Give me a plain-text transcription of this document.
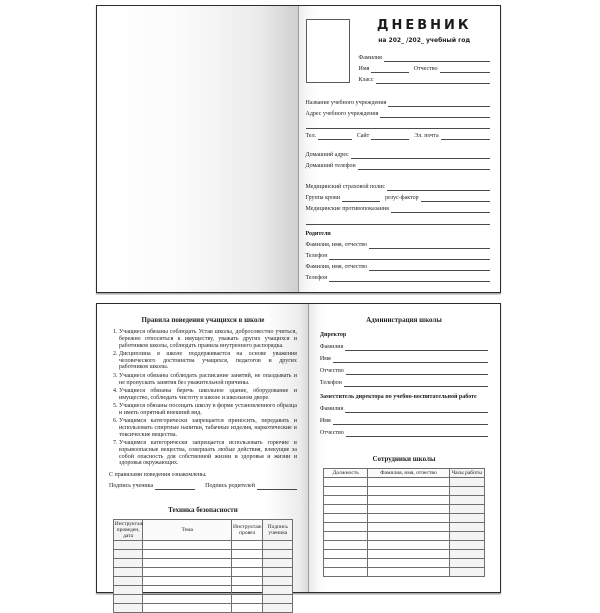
ДНЕВНИК
на 202_ /202_ учебный год
Фамилия
Имя	Отчество
Класс
Название учебного учреждения
Адрес учебного учреждения
Тел.	Сайт	Эл. почта
Домашний адрес
Домашний телефон
Медицинский страховой полис
Группа крови	резус-фактор
Медицинские противопоказания
Родители
Фамилия, имя, отчество
Телефон
Фамилия, имя, отчество
Телефон
Правила поведения учащихся в школе
1. Учащиеся обязаны соблюдать Устав школы, добросовестно учиться, бережно относиться к имуществу, уважать других учащихся и работников школы, соблюдать правила внутреннего распорядка.
2. Дисциплина в школе поддерживается на основе уважения человеческого достоинства учащихся, педагогов и других работников школы.
3. Учащиеся обязаны соблюдать расписание занятий, не опаздывать и не пропускать занятия без уважительной причины.
4. Учащиеся обязаны беречь школьное здание, оборудование и имущество, соблюдать чистоту в школе и школьном дворе.
5. Учащиеся обязаны посещать школу в форме установленного образца и иметь опрятный внешний вид.
6. Учащимся категорически запрещается приносить, передавать и использовать спиртные напитки, табачные изделия, наркотические и токсические вещества.
7. Учащимся категорически запрещается использовать горючие и взрывоопасные вещества, совершать любые действия, влекущие за собой опасность для собственной жизни и здоровья и жизни и здоровья окружающих.
С правилами поведения ознакомлены.
Подпись ученика	Подпись родителей
Техника безопасности
Инструктаж проведен, дата	Тема	Инструктаж провел	Подпись ученика

Администрация школы
Директор
Фамилия
Имя
Отчество
Телефон
Заместитель директора по учебно-воспитательной работе
Фамилия
Имя
Отчество
Сотрудники школы
Должность	Фамилия, имя, отчество	Часы работы
